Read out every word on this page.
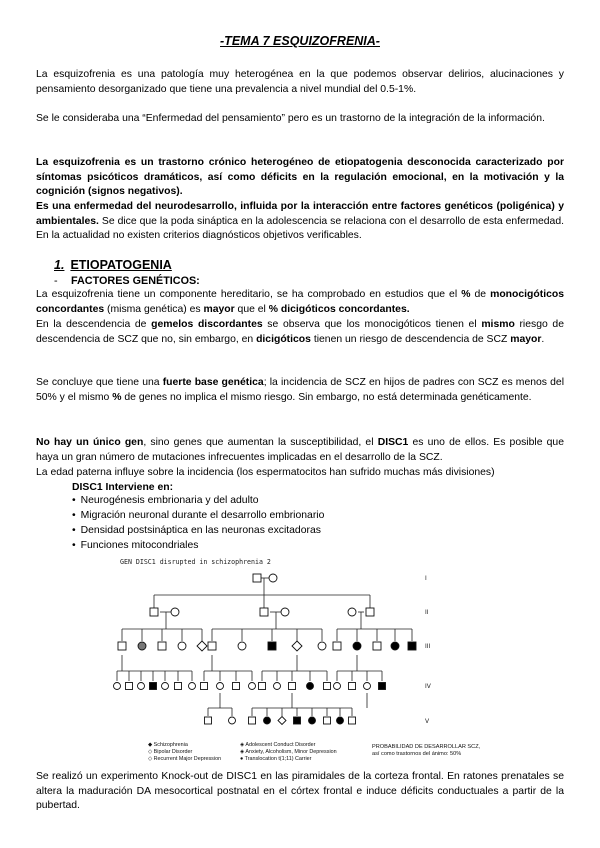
-TEMA 7 ESQUIZOFRENIA-

La esquizofrenia es una patología muy heterogénea en la que podemos observar delirios, alucinaciones y pensamiento desorganizado que tiene una prevalencia a nivel mundial del 0.5-1%.

Se le consideraba una “Enfermedad del pensamiento” pero es un trastorno de la integración de la información.

La esquizofrenia es un trastorno crónico heterogéneo de etiopatogenia desconocida caracterizado por síntomas psicóticos dramáticos, así como déficits en la regulación emocional, en la motivación y la cognición (signos negativos).

Es una enfermedad del neurodesarrollo, influida por la interacción entre factores genéticos (poligénica) y ambientales. Se dice que la poda sináptica en la adolescencia se relaciona con el desarrollo de esta enfermedad. En la actualidad no existen criterios diagnósticos objetivos verificables.

1. ETIOPATOGENIA
- FACTORES GENÉTICOS:

La esquizofrenia tiene un componente hereditario, se ha comprobado en estudios que el % de monocigóticos concordantes (misma genética) es mayor que el % dicigóticos concordantes.

En la descendencia de gemelos discordantes se observa que los monocigóticos tienen el mismo riesgo de descendencia de SCZ que no, sin embargo, en dicigóticos tienen un riesgo de descendencia de SCZ mayor.

Se concluye que tiene una fuerte base genética; la incidencia de SCZ en hijos de padres con SCZ es menos del 50% y el mismo % de genes no implica el mismo riesgo. Sin embargo, no está determinada genéticamente.

No hay un único gen, sino genes que aumentan la susceptibilidad, el DISC1 es uno de ellos. Es posible que haya un gran número de mutaciones infrecuentes implicadas en el desarrollo de la SCZ.

La edad paterna influye sobre la incidencia (los espermatocitos han sufrido muchas más divisiones)

DISC1 Interviene en:
• Neurogénesis embrionaria y del adulto
• Migración neuronal durante el desarrollo embrionario
• Densidad postsináptica en las neuronas excitadoras
• Funciones mitocondriales
GEN DISC1 disrupted in schizophrenia 2
I
II
III
IV
V
◆ Schizophrenia
◇ Bipolar Disorder
◇ Recurrent Major Depression
◈ Adolescent Conduct Disorder
◈ Anxiety, Alcoholism, Minor Depression
● Translocation t(1;11) Carrier
PROBABILIDAD DE DESARROLLAR SCZ,
así como trastornos del ánimo: 50%

Se realizó un experimento Knock-out de DISC1 en las piramidales de la corteza frontal. En ratones prenatales se altera la maduración DA mesocortical postnatal en el córtex frontal e induce déficits conductuales a partir de la pubertad.
